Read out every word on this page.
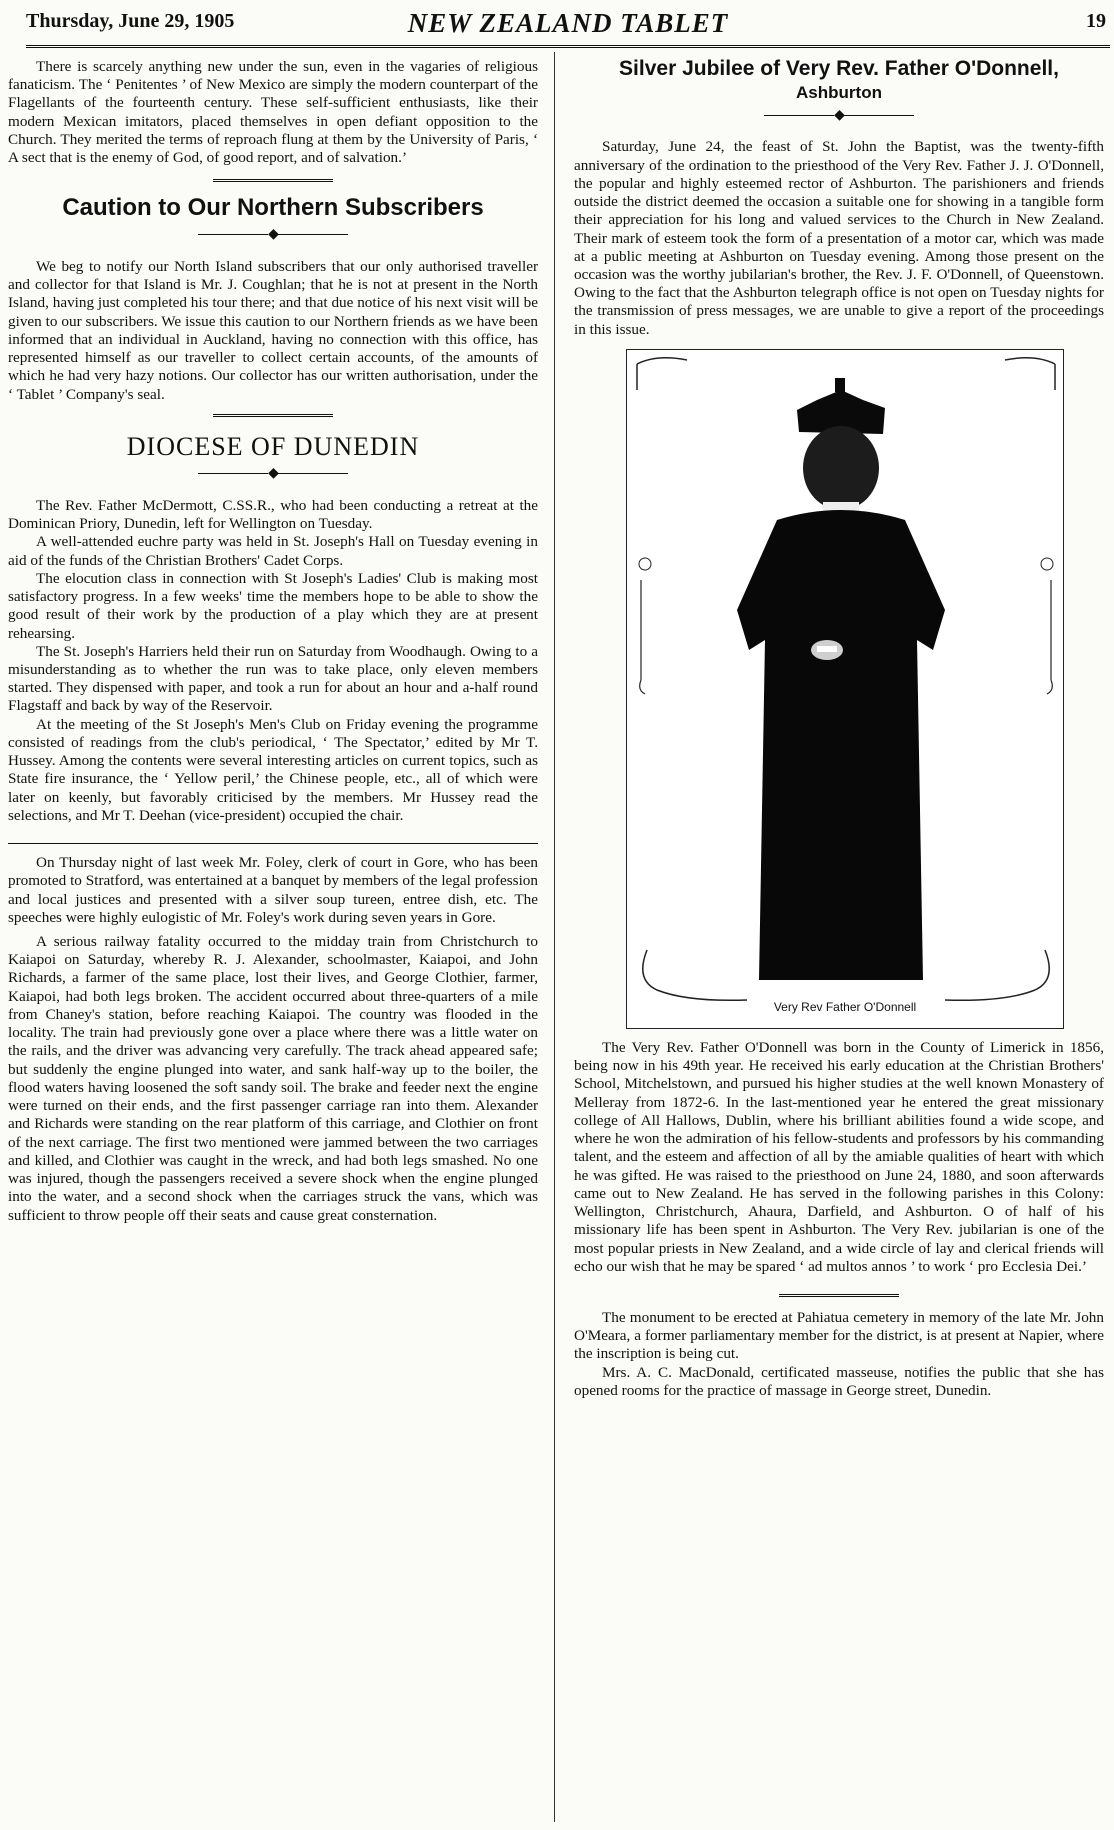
Thursday, June 29, 1905	NEW ZEALAND TABLET	19

There is scarcely anything new under the sun, even in the vagaries of religious fanaticism. The ‘ Penitentes ’ of New Mexico are simply the modern counterpart of the Flagellants of the fourteenth century. These self-sufficient enthusiasts, like their modern Mexican imitators, placed themselves in open defiant opposition to the Church. They merited the terms of reproach flung at them by the University of Paris, ‘ A sect that is the enemy of God, of good report, and of salvation.’

Caution to Our Northern Subscribers
◆

We beg to notify our North Island subscribers that our only authorised traveller and collector for that Island is Mr. J. Coughlan; that he is not at present in the North Island, having just completed his tour there; and that due notice of his next visit will be given to our subscribers. We issue this caution to our Northern friends as we have been informed that an individual in Auckland, having no connection with this office, has represented himself as our traveller to collect certain accounts, of the amounts of which he had very hazy notions. Our collector has our written authorisation, under the ‘ Tablet ’ Company's seal.

DIOCESE OF DUNEDIN
◆

The Rev. Father McDermott, C.SS.R., who had been conducting a retreat at the Dominican Priory, Dunedin, left for Wellington on Tuesday.

A well-attended euchre party was held in St. Joseph's Hall on Tuesday evening in aid of the funds of the Christian Brothers' Cadet Corps.

The elocution class in connection with St Joseph's Ladies' Club is making most satisfactory progress. In a few weeks' time the members hope to be able to show the good result of their work by the production of a play which they are at present rehearsing.

The St. Joseph's Harriers held their run on Saturday from Woodhaugh. Owing to a misunderstanding as to whether the run was to take place, only eleven members started. They dispensed with paper, and took a run for about an hour and a-half round Flagstaff and back by way of the Reservoir.

At the meeting of the St Joseph's Men's Club on Friday evening the programme consisted of readings from the club's periodical, ‘ The Spectator,’ edited by Mr T. Hussey. Among the contents were several interesting articles on current topics, such as State fire insurance, the ‘ Yellow peril,’ the Chinese people, etc., all of which were later on keenly, but favorably criticised by the members. Mr Hussey read the selections, and Mr T. Deehan (vice-president) occupied the chair.

On Thursday night of last week Mr. Foley, clerk of court in Gore, who has been promoted to Stratford, was entertained at a banquet by members of the legal profession and local justices and presented with a silver soup tureen, entree dish, etc. The speeches were highly eulogistic of Mr. Foley's work during seven years in Gore.

A serious railway fatality occurred to the midday train from Christchurch to Kaiapoi on Saturday, whereby R. J. Alexander, schoolmaster, Kaiapoi, and John Richards, a farmer of the same place, lost their lives, and George Clothier, farmer, Kaiapoi, had both legs broken. The accident occurred about three-quarters of a mile from Chaney's station, before reaching Kaiapoi. The country was flooded in the locality. The train had previously gone over a place where there was a little water on the rails, and the driver was advancing very carefully. The track ahead appeared safe; but suddenly the engine plunged into water, and sank half-way up to the boiler, the flood waters having loosened the soft sandy soil. The brake and feeder next the engine were turned on their ends, and the first passenger carriage ran into them. Alexander and Richards were standing on the rear platform of this carriage, and Clothier on front of the next carriage. The first two mentioned were jammed between the two carriages and killed, and Clothier was caught in the wreck, and had both legs smashed. No one was injured, though the passengers received a severe shock when the engine plunged into the water, and a second shock when the carriages struck the vans, which was sufficient to throw people off their seats and cause great consternation.

Silver Jubilee of Very Rev. Father O'Donnell,
Ashburton
◆

Saturday, June 24, the feast of St. John the Baptist, was the twenty-fifth anniversary of the ordination to the priesthood of the Very Rev. Father J. J. O'Donnell, the popular and highly esteemed rector of Ashburton. The parishioners and friends outside the district deemed the occasion a suitable one for showing in a tangible form their appreciation for his long and valued services to the Church in New Zealand. Their mark of esteem took the form of a presentation of a motor car, which was made at a public meeting at Ashburton on Tuesday evening. Among those present on the occasion was the worthy jubilarian's brother, the Rev. J. F. O'Donnell, of Queenstown. Owing to the fact that the Ashburton telegraph office is not open on Tuesday nights for the transmission of press messages, we are unable to give a report of the proceedings in this issue.

Very Rev Father O'Donnell

The Very Rev. Father O'Donnell was born in the County of Limerick in 1856, being now in his 49th year. He received his early education at the Christian Brothers' School, Mitchelstown, and pursued his higher studies at the well known Monastery of Melleray from 1872-6. In the last-mentioned year he entered the great missionary college of All Hallows, Dublin, where his brilliant abilities found a wide scope, and where he won the admiration of his fellow-students and professors by his commanding talent, and the esteem and affection of all by the amiable qualities of heart with which he was gifted. He was raised to the priesthood on June 24, 1880, and soon afterwards came out to New Zealand. He has served in the following parishes in this Colony: Wellington, Christchurch, Ahaura, Darfield, and Ashburton. O of half of his missionary life has been spent in Ashburton. The Very Rev. jubilarian is one of the most popular priests in New Zealand, and a wide circle of lay and clerical friends will echo our wish that he may be spared ‘ ad multos annos ’ to work ‘ pro Ecclesia Dei.’

The monument to be erected at Pahiatua cemetery in memory of the late Mr. John O'Meara, a former parliamentary member for the district, is at present at Napier, where the inscription is being cut.

Mrs. A. C. MacDonald, certificated masseuse, notifies the public that she has opened rooms for the practice of massage in George street, Dunedin.
